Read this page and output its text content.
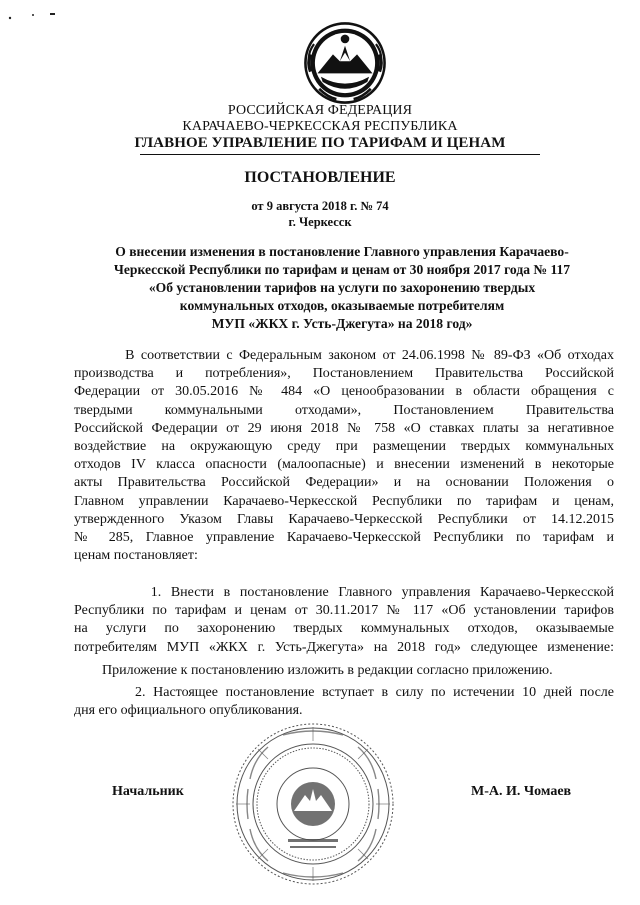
РОССИЙСКАЯ ФЕДЕРАЦИЯ
КАРАЧАЕВО-ЧЕРКЕССКАЯ РЕСПУБЛИКА
ГЛАВНОЕ УПРАВЛЕНИЕ ПО ТАРИФАМ И ЦЕНАМ
ПОСТАНОВЛЕНИЕ
от 9 августа 2018 г. № 74
г. Черкесск
О внесении изменения в постановление Главного управления Карачаево-
Черкесской Республики по тарифам и ценам от 30 ноября 2017 года № 117
«Об установлении тарифов на услуги по захоронению твердых
коммунальных отходов, оказываемые потребителям
МУП «ЖКХ г. Усть-Джегута» на 2018 год»
В соответствии с Федеральным законом от 24.06.1998 № 89-ФЗ «Об отходах
производства и потребления», Постановлением Правительства Российской
Федерации от 30.05.2016 № 484 «О ценообразовании в области обращения с
твердыми коммунальными отходами», Постановлением Правительства
Российской Федерации от 29 июня 2018 № 758 «О ставках платы за негативное
воздействие на окружающую среду при размещении твердых коммунальных
отходов IV класса опасности (малоопасные) и внесении изменений в некоторые
акты Правительства Российской Федерации» и на основании Положения о
Главном управлении Карачаево-Черкесской Республики по тарифам и ценам,
утвержденного Указом Главы Карачаево-Черкесской Республики от 14.12.2015
№ 285, Главное управление Карачаево-Черкесской Республики по тарифам и
ценам постановляет:
1. Внести в постановление Главного управления Карачаево-Черкесской
Республики по тарифам и ценам от 30.11.2017 № 117 «Об установлении тарифов
на услуги по захоронению твердых коммунальных отходов, оказываемые
потребителям МУП «ЖКХ г. Усть-Джегута» на 2018 год» следующее изменение:
Приложение к постановлению изложить в редакции согласно приложению.
2. Настоящее постановление вступает в силу по истечении 10 дней после
дня его официального опубликования.
Начальник	М-А. И. Чомаев
